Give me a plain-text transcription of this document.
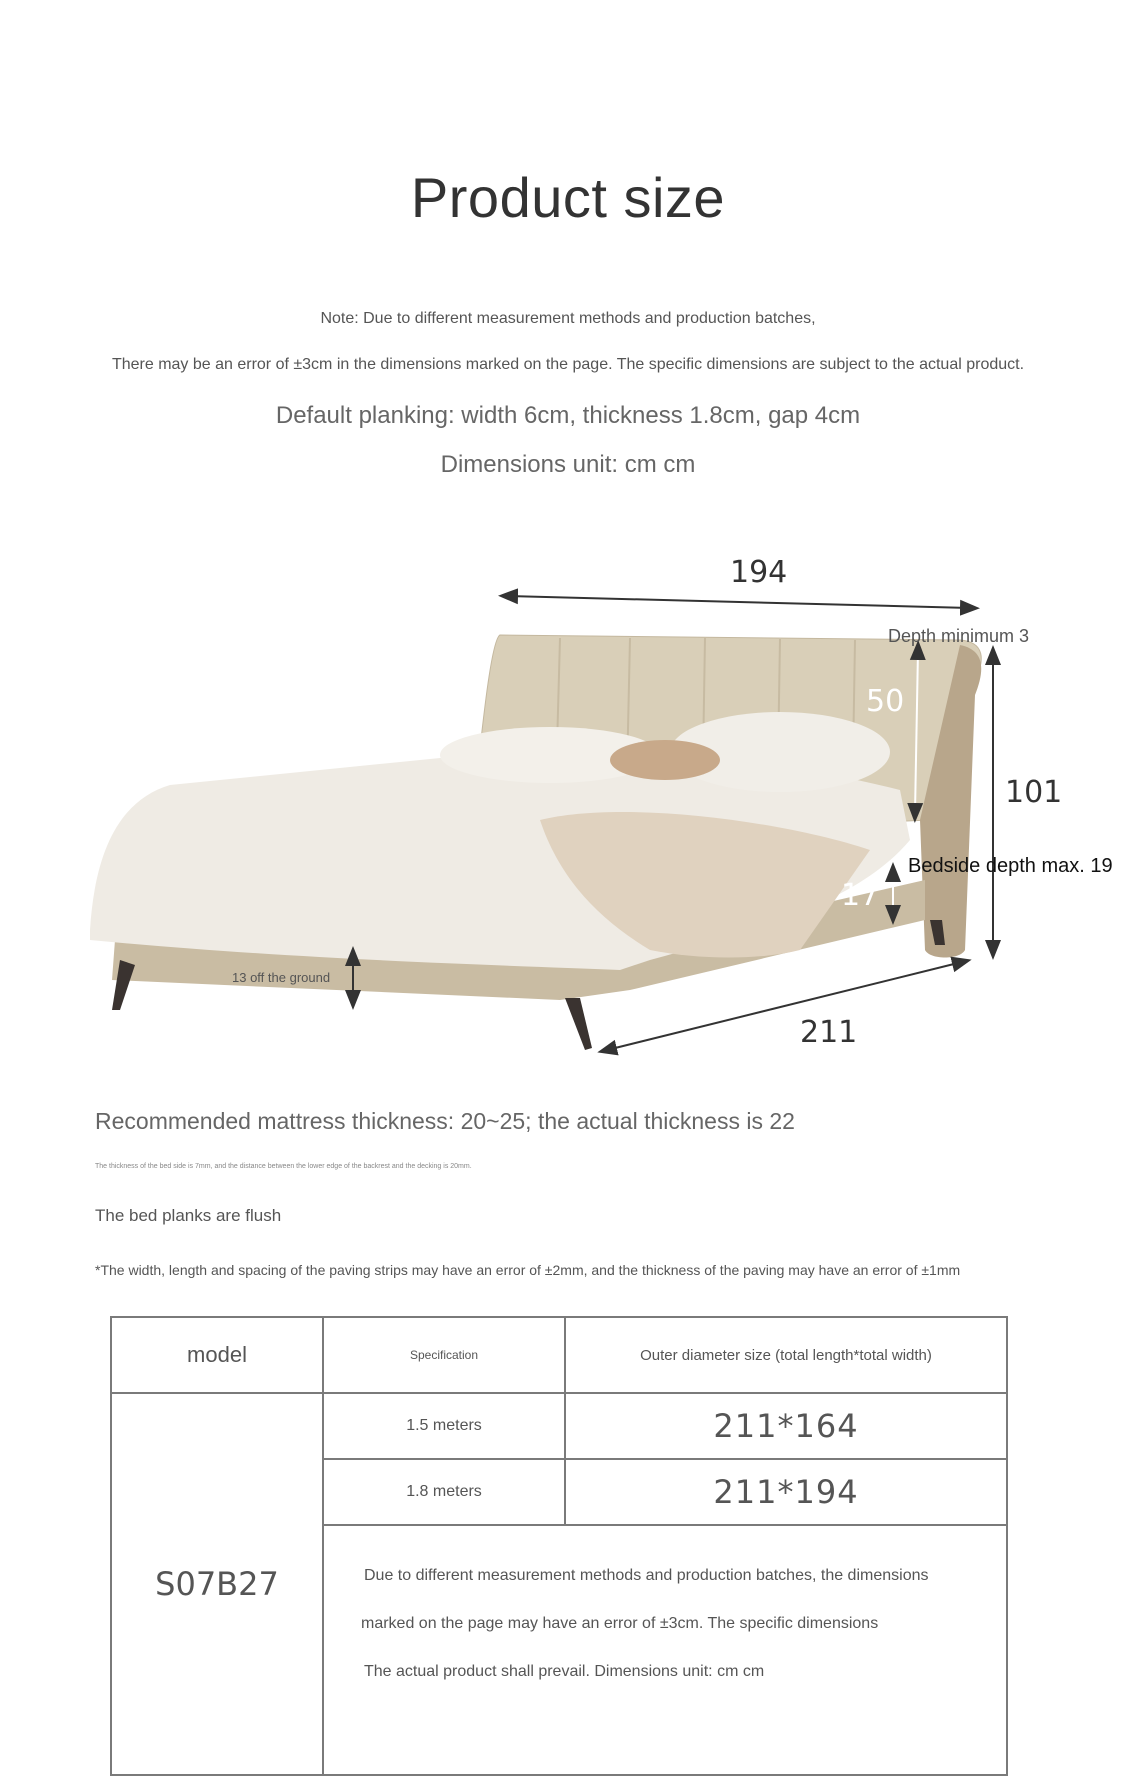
Product size
Note: Due to different measurement methods and production batches,
There may be an error of ±3cm in the dimensions marked on the page. The specific dimensions are subject to the actual product.
Default planking: width 6cm, thickness 1.8cm, gap 4cm
Dimensions unit: cm cm
194
211
101
50
17
Depth minimum 3
Bedside depth max. 19
13 off the ground
Recommended mattress thickness: 20~25; the actual thickness is 22
The thickness of the bed side is 7mm, and the distance between the lower edge of the backrest and the decking is 20mm.
The bed planks are flush
*The width, length and spacing of the paving strips may have an error of ±2mm, and the thickness of the paving may have an error of ±1mm
model	Specification	Outer diameter size (total length*total width)
S07B27	1.5 meters	211*164
	1.8 meters	211*194

	Due to different measurement methods and production batches, the dimensions
marked on the page may have an error of ±3cm. The specific dimensions
The actual product shall prevail. Dimensions unit: cm cm	
